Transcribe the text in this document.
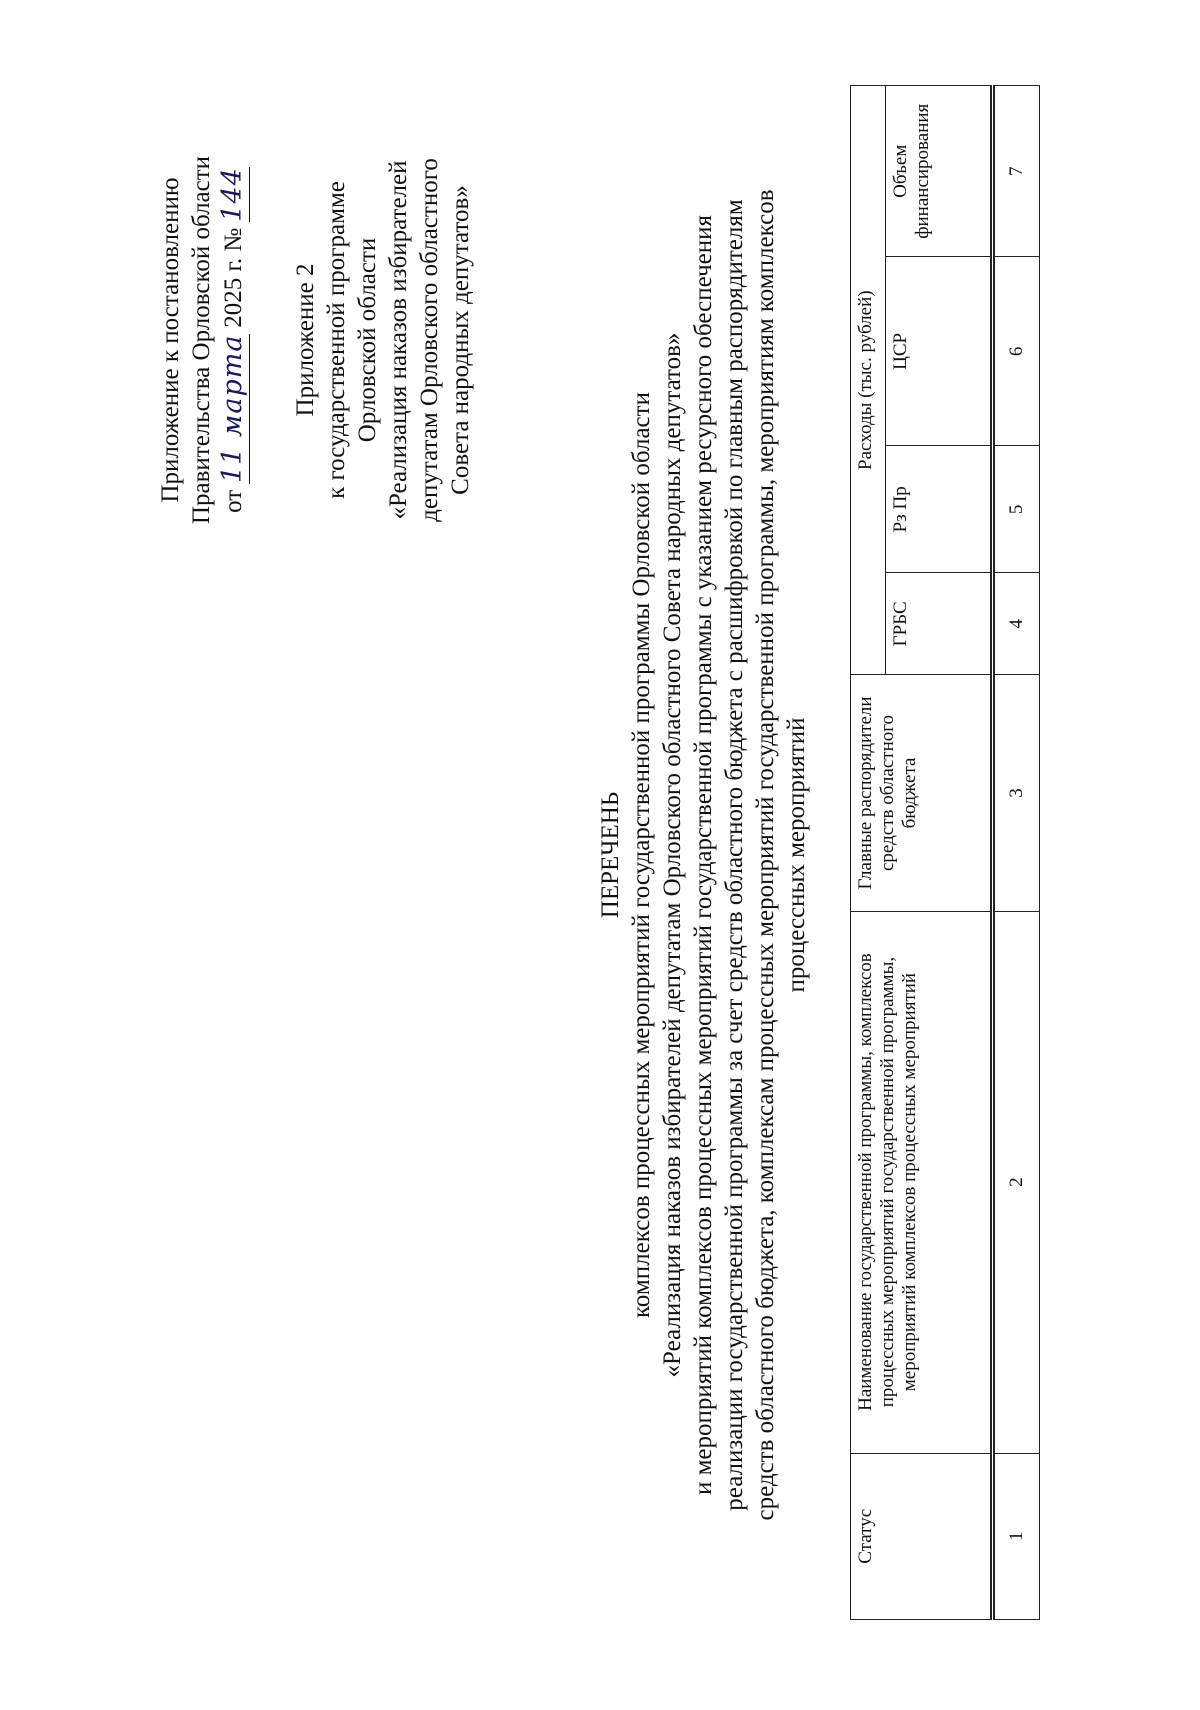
Приложение к постановлению Правительства Орловской области от
11 марта
2025 г. №
144
Приложение 2 к государственной программе Орловской области «Реализация наказов избирателей депутатам Орловского областного Совета народных депутатов»
ПЕРЕЧЕНЬ комплексов процессных мероприятий государственной программы Орловской области «Реализация наказов избирателей депутатам Орловского областного Совета народных депутатов» и мероприятий комплексов процессных мероприятий государственной программы с указанием ресурсного обеспечения реализации государственной программы за счет средств областного бюджета с расшифровкой по главным распорядителям средств областного бюджета, комплексам процессных мероприятий государственной программы, мероприятиям комплексов процессных мероприятий
Статус	Наименование государственной программы, комплексов процессных мероприятий государственной программы, мероприятий комплексов процессных мероприятий	Главные распорядители средств областного бюджета	Расходы (тыс. рублей)			
			ГРБС	Рз Пр	ЦСР	Объем финансирования
1	2	3	4	5	6	7
